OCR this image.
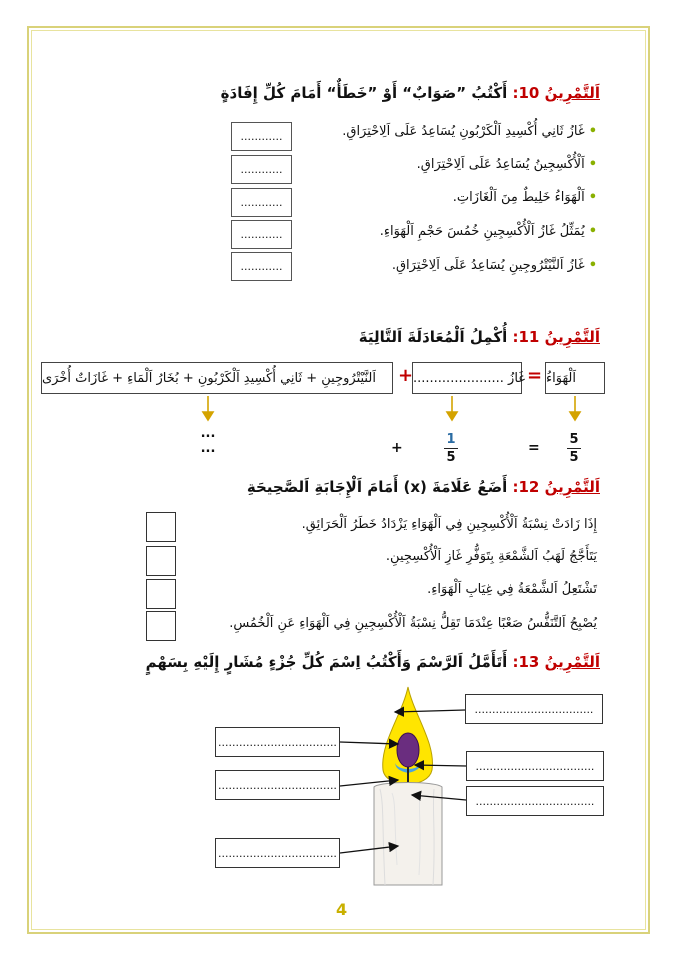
اَلتَّمْرِينُ 10: أَكْتُبُ ”صَوَابٌ“ أَوْ ”خَطَأٌ“ أَمَامَ كُلِّ إِفَادَةٍ
•غَازُ ثَانِي أُكْسِيدِ اَلْكَرْبُونِ يُسَاعِدُ عَلَى اَلِاحْتِرَاقِ.
•اَلْأُكْسِجِينُ يُسَاعِدُ عَلَى اَلِاحْتِرَاقِ.
•اَلْهَوَاءُ خَلِيطٌ مِنَ اَلْغَازَاتِ.
•يُمَثِّلُ غَازُ اَلْأُكْسِجِينِ خُمُسَ حَجْمِ اَلْهَوَاءِ.
•غَازُ اَلنَّيْتْرُوجِينِ يُسَاعِدُ عَلَى اَلِاحْتِرَاقِ.
............
............
............
............
............
اَلتَّمْرِينُ 11: أُكْمِلُ اَلْمُعَادَلَةَ اَلتَّالِيَةَ
اَلنَّيْتْرُوجِينِ + ثَانِي أُكْسِيدِ اَلْكَرْبُونِ + بُخَارُ اَلْمَاءِ + غَازَاتٌ أُخْرَى + غَازُ ...................... = اَلْهَوَاءُ
...
...	+
1
5
=
5
5
اَلتَّمْرِينُ 12: أَضَعُ عَلَامَةَ (x) أَمَامَ اَلْإِجَابَةِ اَلصَّحِيحَةِ
إِذَا زَادَتْ نِسْبَةُ اَلْأُكْسِجِينِ فِي اَلْهَوَاءِ يَزْدَادُ خَطَرُ اَلْحَرَائِقِ.
يَتَأَجَّجُ لَهَبُ اَلشَّمْعَةِ بِتَوَفُّرِ غَازِ اَلْأُكْسِجِينِ.
تَشْتَعِلُ اَلشَّمْعَةُ فِي غِيَابِ اَلْهَوَاءِ.
يُصْبِحُ اَلتَّنَفُّسُ صَعْبًا عِنْدَمَا تَقِلُّ نِسْبَةُ اَلْأُكْسِجِينِ فِي اَلْهَوَاءِ عَنِ اَلْخُمُسِ.
اَلتَّمْرِينُ 13: أَتَأَمَّلُ اَلرَّسْمَ وَأَكْتُبُ اِسْمَ كُلِّ جُزْءٍ مُشَارٍ إِلَيْهِ بِسَهْمٍ
..................................
..................................
..................................
..................................
..................................
..................................
4
